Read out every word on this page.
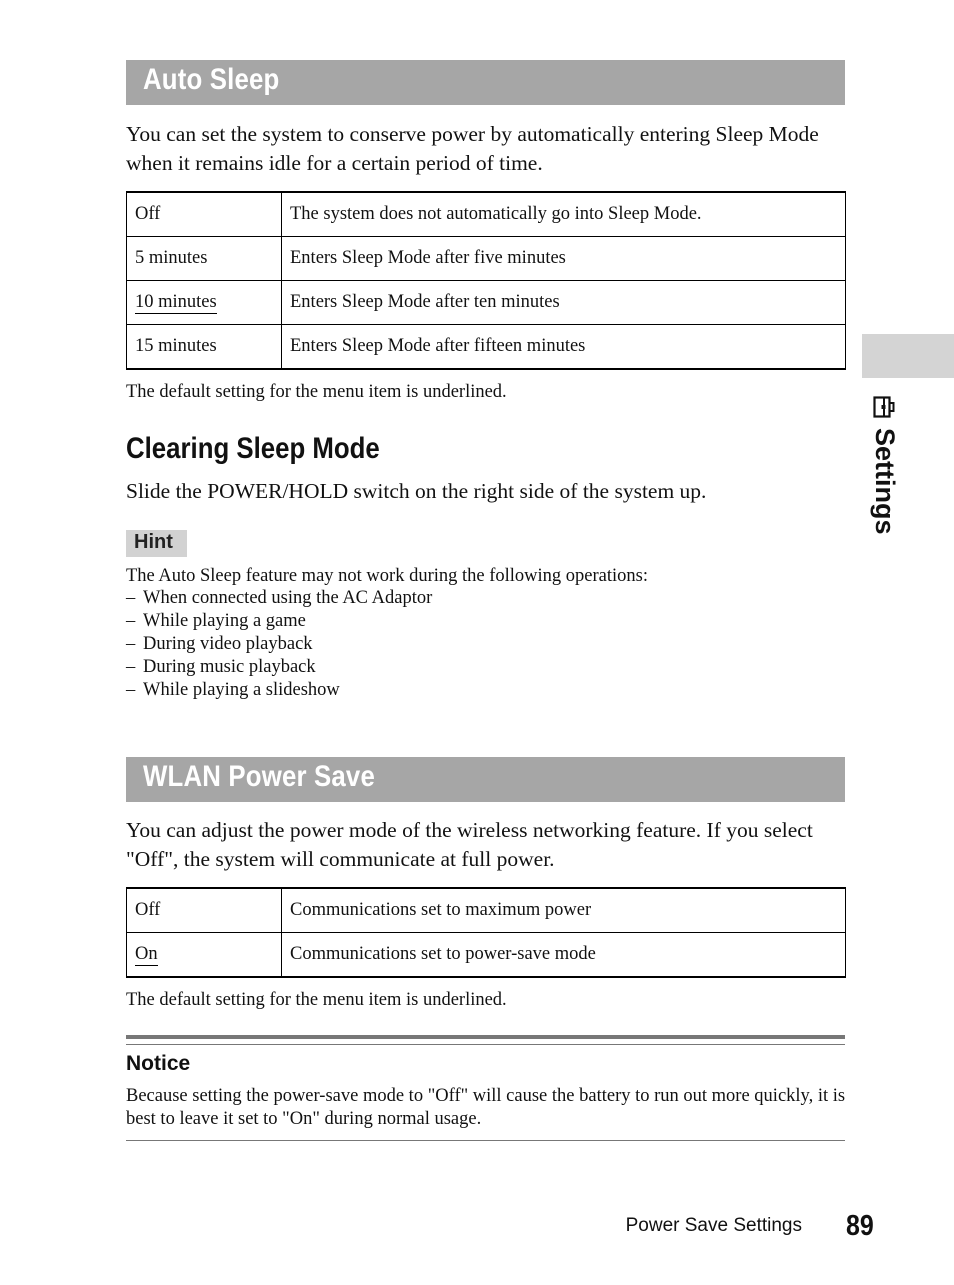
Auto Sleep

You can set the system to conserve power by automatically entering Sleep Mode when it remains idle for a certain period of time.

Off	The system does not automatically go into Sleep Mode.
5 minutes	Enters Sleep Mode after five minutes
10 minutes	Enters Sleep Mode after ten minutes
15 minutes	Enters Sleep Mode after fifteen minutes
The default setting for the menu item is underlined.
Clearing Sleep Mode

Slide the POWER/HOLD switch on the right side of the system up.

Hint
The Auto Sleep feature may not work during the following operations:
– When connected using the AC Adaptor
– While playing a game
– During video playback
– During music playback
– While playing a slideshow
WLAN Power Save

You can adjust the power mode of the wireless networking feature. If you select "Off", the system will communicate at full power.

Off	Communications set to maximum power
On	Communications set to power-save mode
The default setting for the menu item is underlined.
Notice
Because setting the power-save mode to "Off" will cause the battery to run out more quickly, it is best to leave it set to "On" during normal usage.
Settings
Power Save Settings 89
